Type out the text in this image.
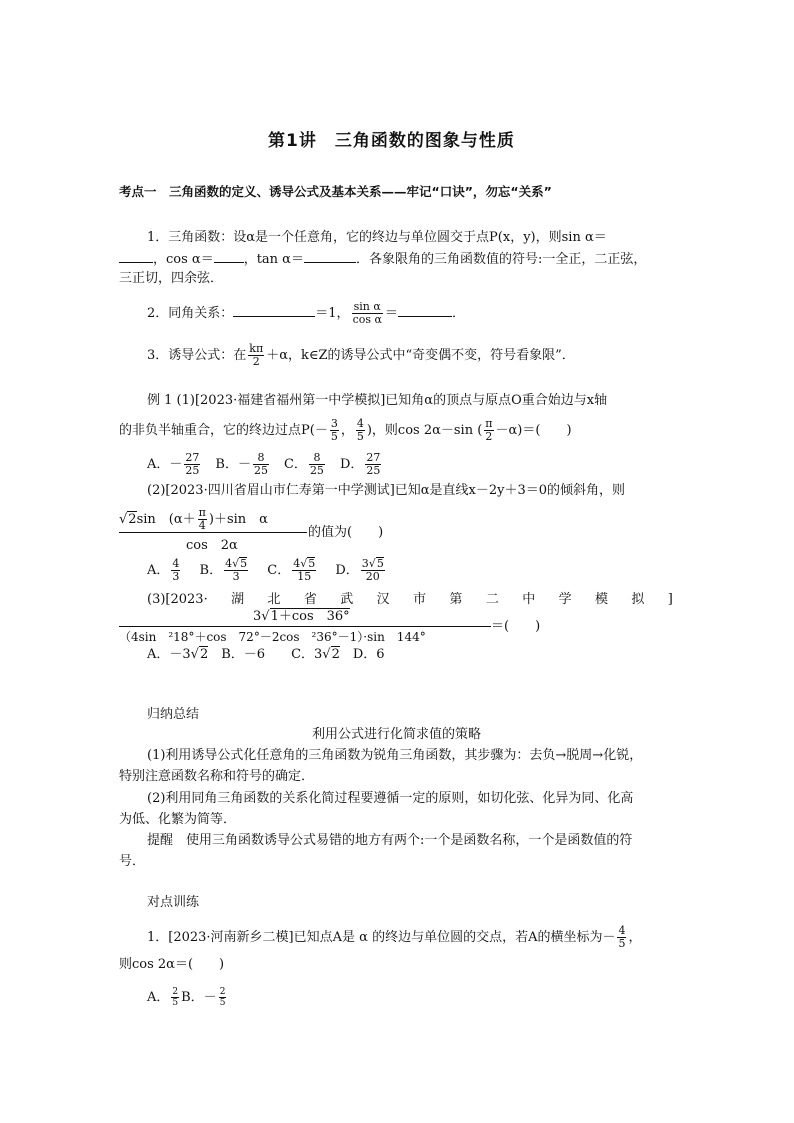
第1讲　三角函数的图象与性质
考点一　三角函数的定义、诱导公式及基本关系——牢记“口诀”，勿忘“关系”
1．三角函数：设α是一个任意角，它的终边与单位圆交于点P(x，y)，则sin α＝
，cos α＝ ，tan α＝	．各象限角的三角函数值的符号:一全正，二正弦，
三正切，四余弦．
2．同角关系：	＝1， $\frac{\text{sin α}}{\text{cos α}}$ ＝	．
3．诱导公式：在 $\frac{k\pi}{2} +\alpha$，k∈Z的诱导公式中“奇变偶不变，符号看象限”．
例 1 (1)[2023·福建省福州第一中学模拟]已知角α的顶点与原点O重合始边与x轴
的非负半轴重合，它的终边过点$P(- \frac{3}{5}$ ， $\frac{4}{5}$ )，则cos 2α－sin ( $\frac{\pi}{2} -\alpha)=$(　　)
A．－ $\frac{27}{25}$
　 B．－ $\frac{8}{25}$
　 C． $\frac{8}{25}$
　 D． $\frac{27}{25}$
(2)[2023·四川省眉山市仁寿第一中学测试]已知α是直线x－2y＋3＝0的倾斜角，则
√2sin　$(\alpha+ \frac{\pi}{4} )+\sin$　α
的值为(　　)
cos　2α
A． $\frac{4}{3}$
　 B． $\frac{4√5}{3}$
　 C． $\frac{4√5}{15}$
　 D． $\frac{3√5}{20}$
(3)[2023· 湖 北 省 武 汉 市 第 二 中 学 模 拟 ]
3√1＋cos　36°
＝(　　)
（4sin　²18°＋cos　72°－2cos　²36°－1）·sin　144°
A．－3√2　B．－6　　C．3√2　D．6
归纳总结
利用公式进行化简求值的策略
(1)利用诱导公式化任意角的三角函数为锐角三角函数，其步骤为：去负→脱周→化锐，
特别注意函数名称和符号的确定．
(2)利用同角三角函数的关系化简过程要遵循一定的原则，如切化弦、化异为同、化高
为低、化繁为简等．
提醒　使用三角函数诱导公式易错的地方有两个:一个是函数名称，一个是函数值的符
号．
对点训练
1．[2023·河南新乡二模]已知点A是 α 的终边与单位圆的交点，若A的横坐标为－ $\frac{4}{5}$ ，
则cos 2α＝(　　)
A． $\frac{2}{5}$ B．－ $\frac{2}{5}$
